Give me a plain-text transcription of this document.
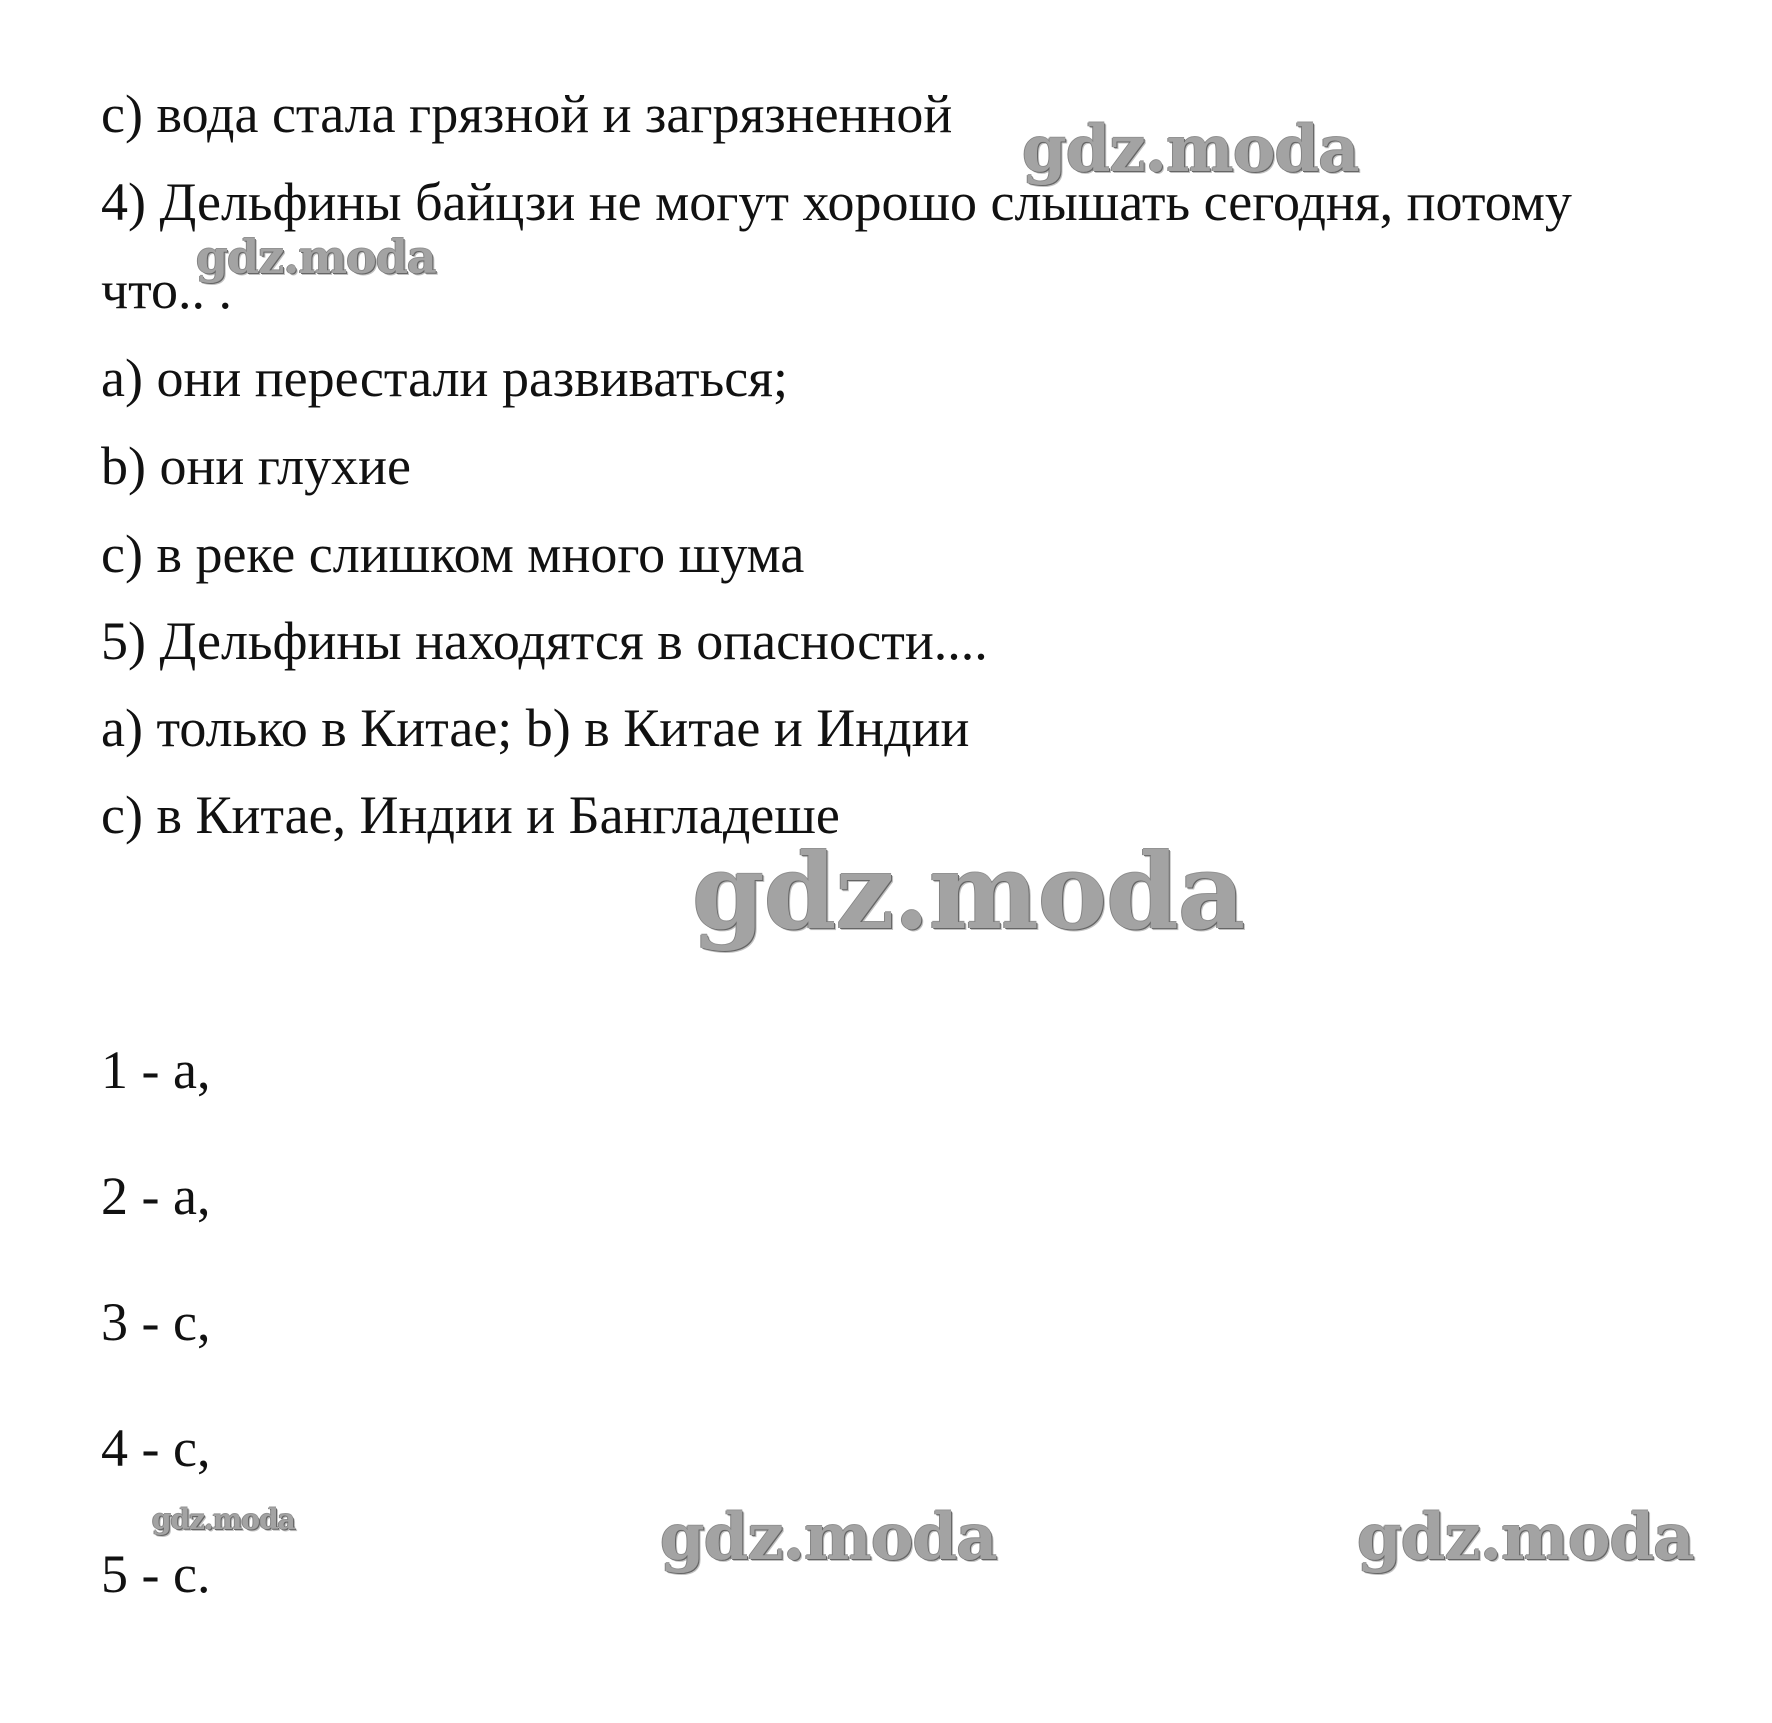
c) вода стала грязной и загрязненной
4) Дельфины байцзи не могут хорошо слышать сегодня, потому
что.. .
a) они перестали развиваться;
b) они глухие
c) в реке слишком много шума
5) Дельфины находятся в опасности....
a) только в Китае; b) в Китае и Индии
c) в Китае, Индии и Бангладеше
1 - a,
2 - a,
3 - c,
4 - c,
5 - c.
gdz.moda
gdz.moda
gdz.moda
gdz.moda	gdz.moda	gdz.moda
